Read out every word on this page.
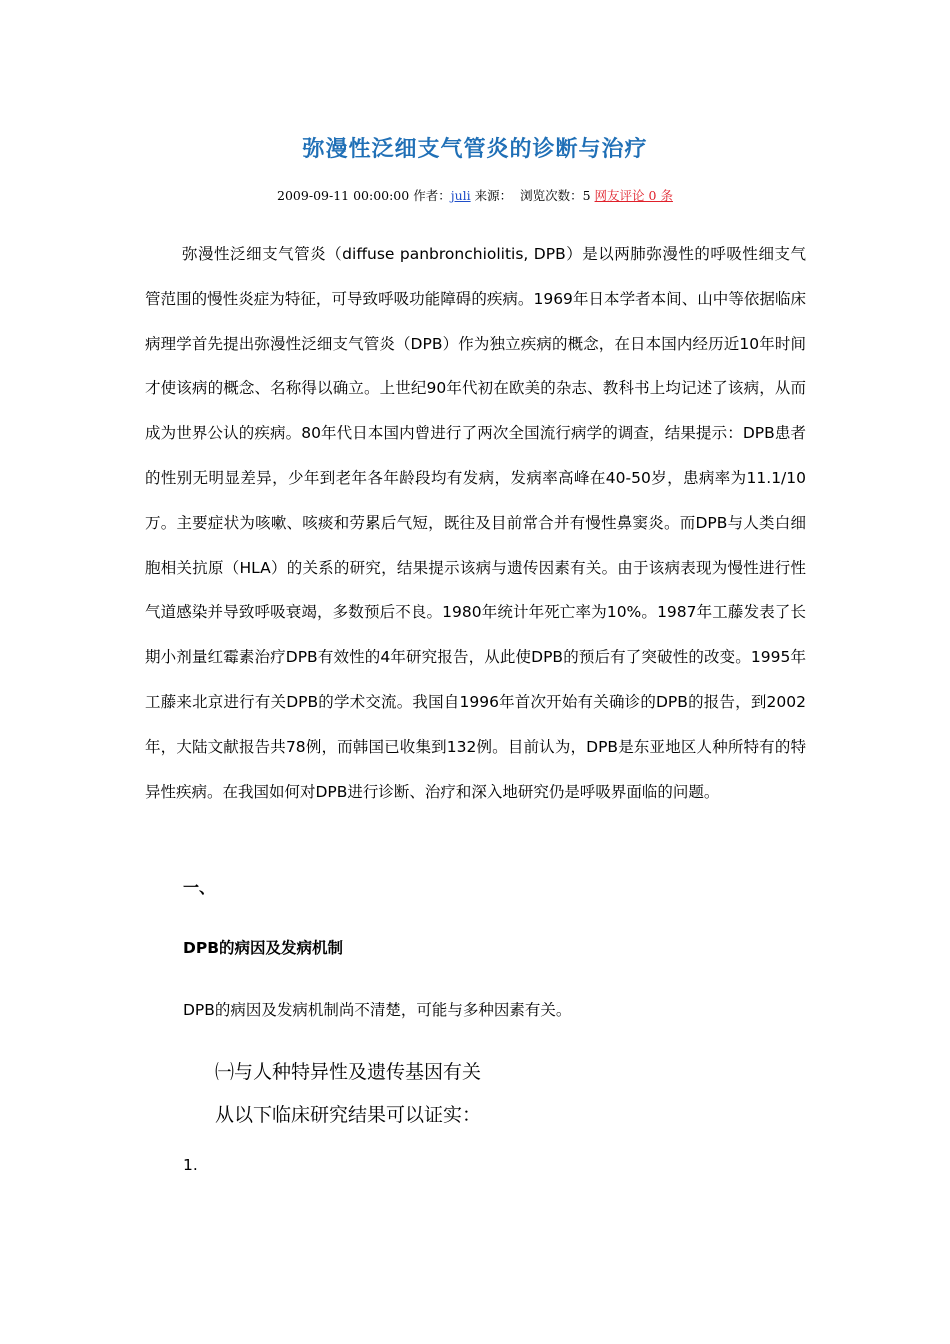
弥漫性泛细支气管炎的诊断与治疗
2009-09-11 00:00:00 作者：juli 来源： 浏览次数：5 网友评论 0 条

弥漫性泛细支气管炎（diffuse panbronchiolitis, DPB）是以两肺弥漫性的呼吸性细支气管范围的慢性炎症为特征，可导致呼吸功能障碍的疾病。1969年日本学者本间、山中等依据临床病理学首先提出弥漫性泛细支气管炎（DPB）作为独立疾病的概念，在日本国内经历近10年时间才使该病的概念、名称得以确立。上世纪90年代初在欧美的杂志、教科书上均记述了该病，从而成为世界公认的疾病。80年代日本国内曾进行了两次全国流行病学的调查，结果提示：DPB患者的性别无明显差异，少年到老年各年龄段均有发病，发病率高峰在40-50岁，患病率为11.1/10万。主要症状为咳嗽、咳痰和劳累后气短，既往及目前常合并有慢性鼻窦炎。而DPB与人类白细胞相关抗原（HLA）的关系的研究，结果提示该病与遗传因素有关。由于该病表现为慢性进行性气道感染并导致呼吸衰竭，多数预后不良。1980年统计年死亡率为10%。1987年工藤发表了长期小剂量红霉素治疗DPB有效性的4年研究报告，从此使DPB的预后有了突破性的改变。1995年工藤来北京进行有关DPB的学术交流。我国自1996年首次开始有关确诊的DPB的报告，到2002年，大陆文献报告共78例，而韩国已收集到132例。目前认为，DPB是东亚地区人种所特有的特异性疾病。在我国如何对DPB进行诊断、治疗和深入地研究仍是呼吸界面临的问题。

一、
DPB的病因及发病机制
DPB的病因及发病机制尚不清楚，可能与多种因素有关。
㈠与人种特异性及遗传基因有关
从以下临床研究结果可以证实：
1.
